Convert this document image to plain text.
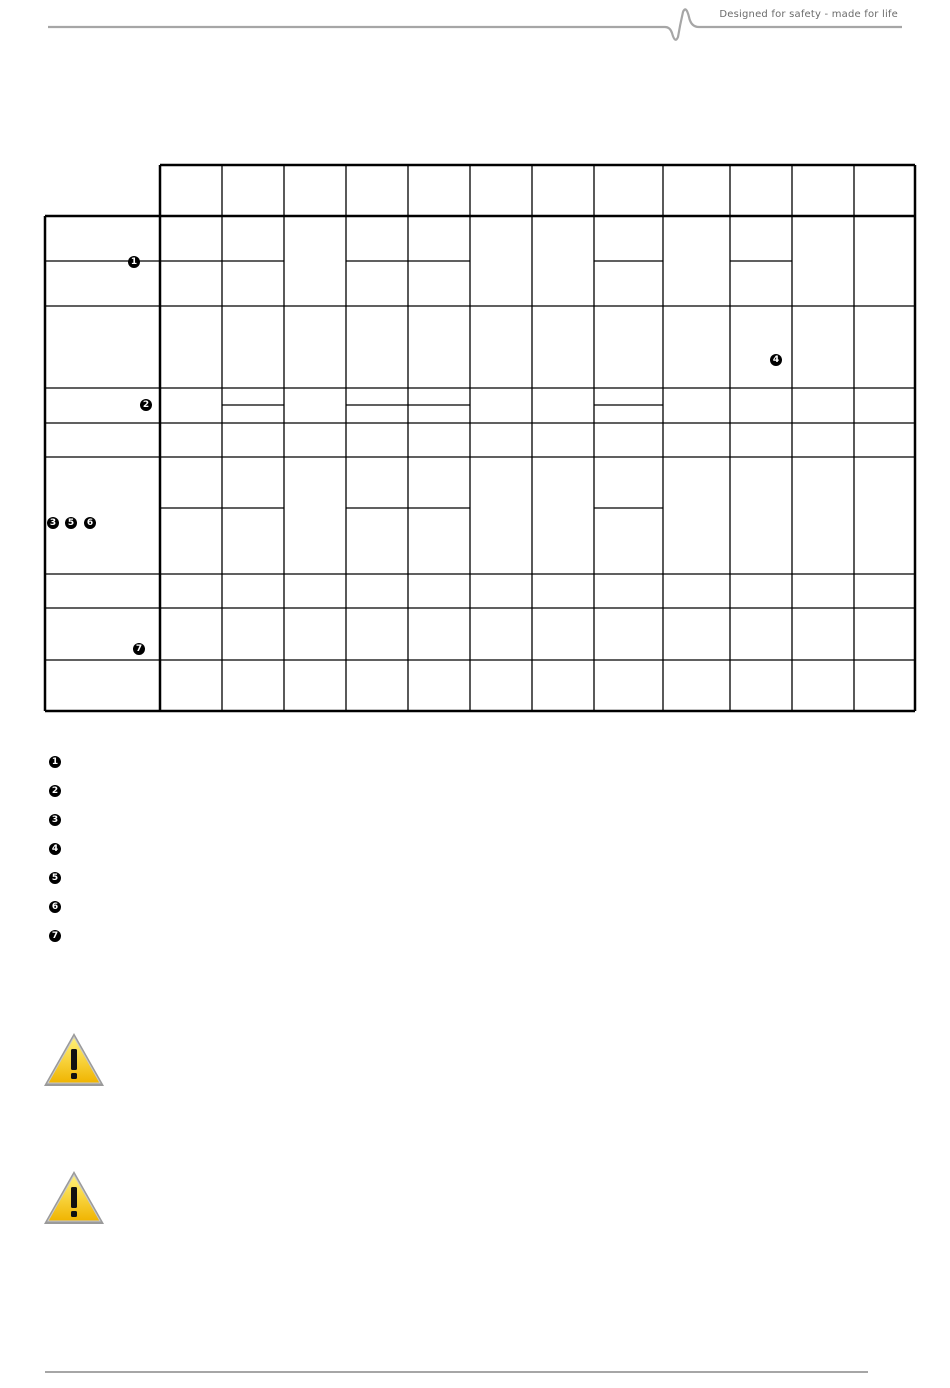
Designed for safety - made for life
1
4
2
3	5	6
7
1
2
3
4
5
6
7
